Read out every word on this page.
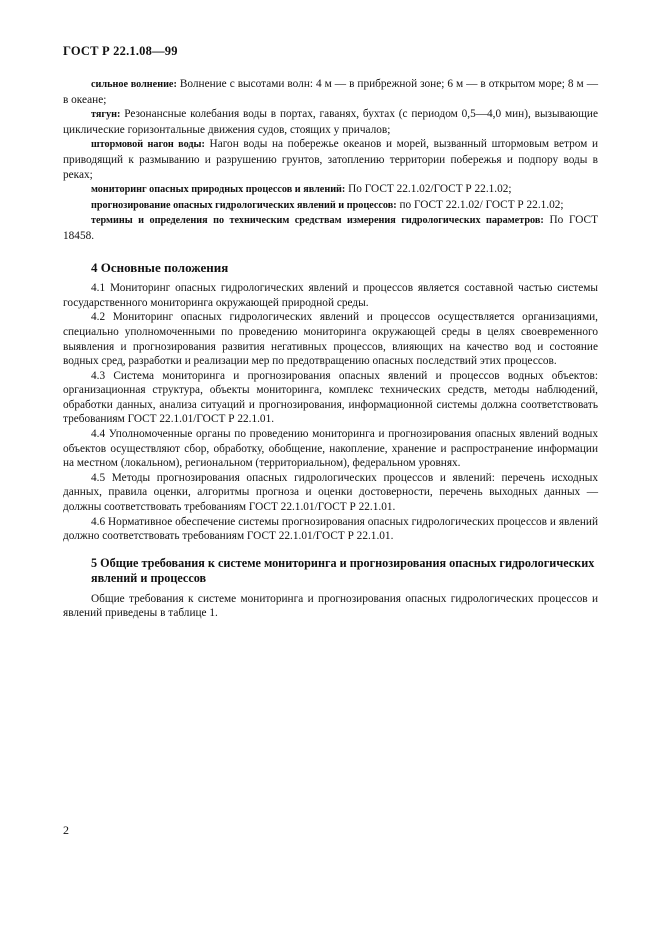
ГОСТ Р 22.1.08—99

сильное волнение: Волнение с высотами волн: 4 м — в прибрежной зоне; 6 м — в открытом море; 8 м — в океане;

тягун: Резонансные колебания воды в портах, гаванях, бухтах (с периодом 0,5—4,0 мин), вызывающие циклические горизонтальные движения судов, стоящих у причалов;

штормовой нагон воды: Нагон воды на побережье океанов и морей, вызванный штормовым ветром и приводящий к размыванию и разрушению грунтов, затоплению территории побережья и подпору воды в реках;

мониторинг опасных природных процессов и явлений: По ГОСТ 22.1.02/ГОСТ Р 22.1.02;

прогнозирование опасных гидрологических явлений и процессов: по ГОСТ 22.1.02/ ГОСТ Р 22.1.02;

термины и определения по техническим средствам измерения гидрологических параметров: По ГОСТ 18458.

4 Основные положения

4.1 Мониторинг опасных гидрологических явлений и процессов является составной частью системы государственного мониторинга окружающей природной среды.

4.2 Мониторинг опасных гидрологических явлений и процессов осуществляется организациями, специально уполномоченными по проведению мониторинга окружающей среды в целях своевременного выявления и прогнозирования развития негативных процессов, влияющих на качество вод и состояние водных сред, разработки и реализации мер по предотвращению опасных последствий этих процессов.

4.3 Система мониторинга и прогнозирования опасных явлений и процессов водных объектов: организационная структура, объекты мониторинга, комплекс технических средств, методы наблюдений, обработки данных, анализа ситуаций и прогнозирования, информационной системы должна соответствовать требованиям ГОСТ 22.1.01/ГОСТ Р 22.1.01.

4.4 Уполномоченные органы по проведению мониторинга и прогнозирования опасных явлений водных объектов осуществляют сбор, обработку, обобщение, накопление, хранение и распространение информации на местном (локальном), региональном (территориальном), федеральном уровнях.

4.5 Методы прогнозирования опасных гидрологических процессов и явлений: перечень исходных данных, правила оценки, алгоритмы прогноза и оценки достоверности, перечень выходных данных — должны соответствовать требованиям ГОСТ 22.1.01/ГОСТ Р 22.1.01.

4.6 Нормативное обеспечение системы прогнозирования опасных гидрологических процессов и явлений должно соответствовать требованиям ГОСТ 22.1.01/ГОСТ Р 22.1.01.

5 Общие требования к системе мониторинга и прогнозирования опасных гидрологических явлений и процессов

Общие требования к системе мониторинга и прогнозирования опасных гидрологических процессов и явлений приведены в таблице 1.

2
